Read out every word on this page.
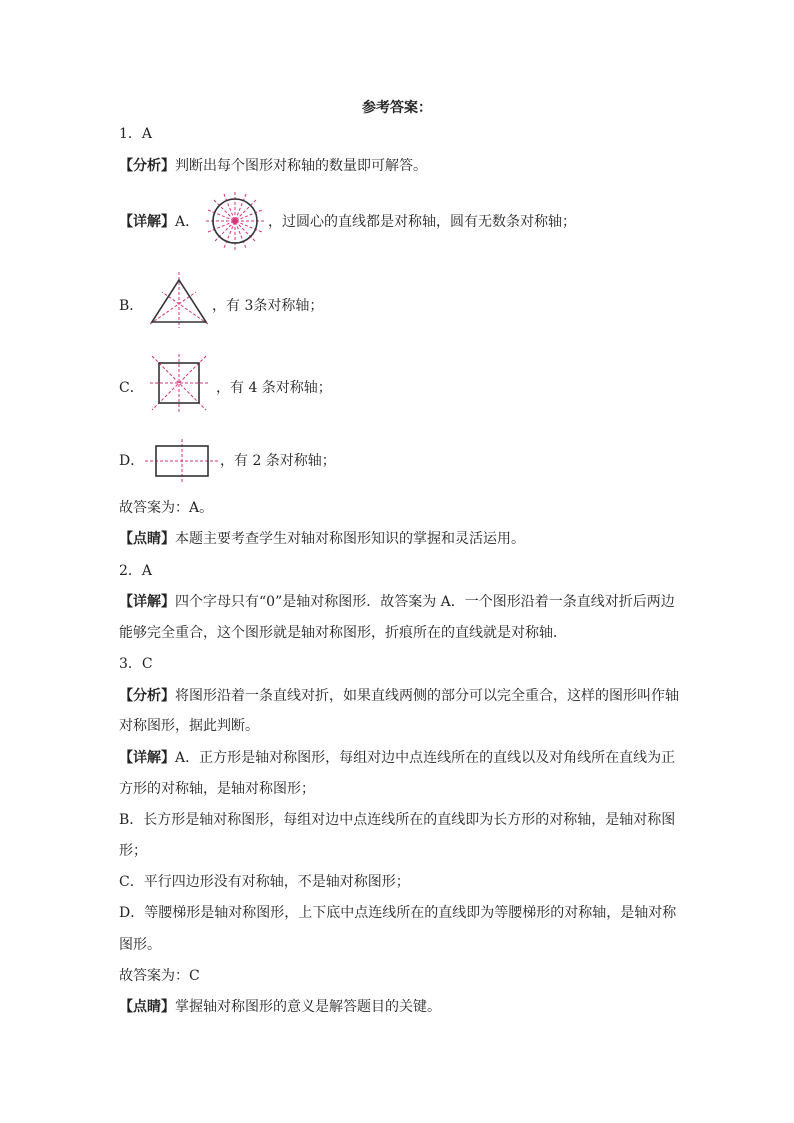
参考答案：
1．A
【分析】判断出每个图形对称轴的数量即可解答。
【详解】A．	，过圆心的直线都是对称轴，圆有无数条对称轴；
B．	，有 3条对称轴；
C．	，有 4 条对称轴；
D．	，有 2 条对称轴；
故答案为：A。
【点睛】本题主要考查学生对轴对称图形知识的掌握和灵活运用。
2．A
【详解】四个字母只有“0”是轴对称图形．故答案为 A．一个图形沿着一条直线对折后两边
能够完全重合，这个图形就是轴对称图形，折痕所在的直线就是对称轴．
3．C
【分析】将图形沿着一条直线对折，如果直线两侧的部分可以完全重合，这样的图形叫作轴
对称图形，据此判断。
【详解】A．正方形是轴对称图形，每组对边中点连线所在的直线以及对角线所在直线为正
方形的对称轴，是轴对称图形；
B．长方形是轴对称图形，每组对边中点连线所在的直线即为长方形的对称轴，是轴对称图
形；
C．平行四边形没有对称轴，不是轴对称图形；
D．等腰梯形是轴对称图形，上下底中点连线所在的直线即为等腰梯形的对称轴，是轴对称
图形。
故答案为：C
【点睛】掌握轴对称图形的意义是解答题目的关键。
